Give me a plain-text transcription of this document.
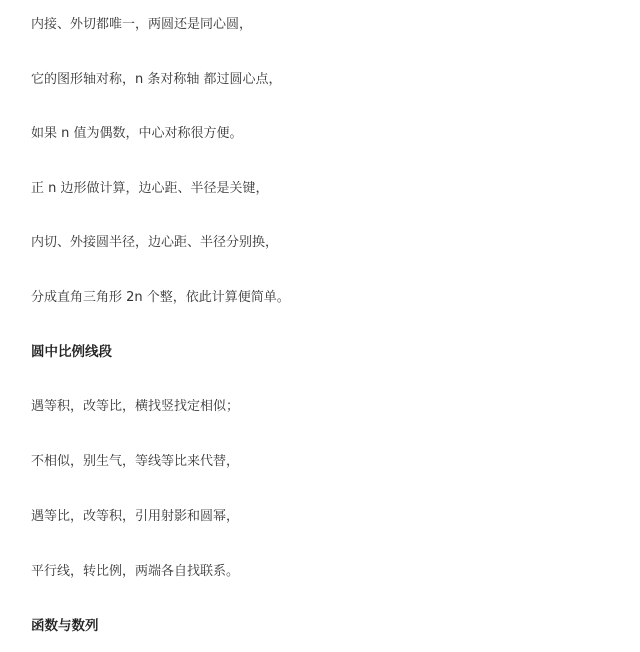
内接、外切都唯一，两圆还是同心圆，
它的图形轴对称，n 条对称轴 都过圆心点，
如果 n 值为偶数，中心对称很方便。
正 n 边形做计算，边心距、半径是关键，
内切、外接圆半径，边心距、半径分别换，
分成直角三角形 2n 个整，依此计算便简单。
圆中比例线段
遇等积，改等比，横找竖找定相似；
不相似，别生气，等线等比来代替，
遇等比，改等积，引用射影和圆幂，
平行线，转比例，两端各自找联系。
函数与数列
